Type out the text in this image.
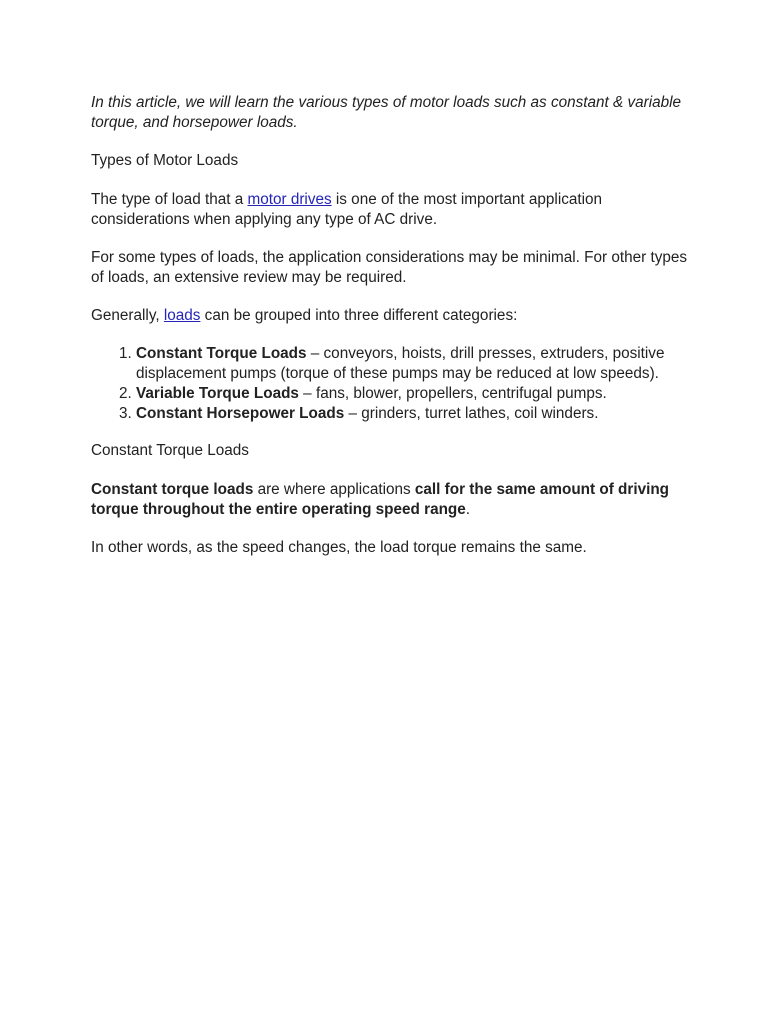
In this article, we will learn the various types of motor loads such as constant & variable torque, and horsepower loads.

Types of Motor Loads

The type of load that a motor drives is one of the most important application considerations when applying any type of AC drive.

For some types of loads, the application considerations may be minimal. For other types of loads, an extensive review may be required.

Generally, loads can be grouped into three different categories:

1. Constant Torque Loads – conveyors, hoists, drill presses, extruders, positive displacement pumps (torque of these pumps may be reduced at low speeds).
2. Variable Torque Loads – fans, blower, propellers, centrifugal pumps.
3. Constant Horsepower Loads – grinders, turret lathes, coil winders.

Constant Torque Loads

Constant torque loads are where applications call for the same amount of driving torque throughout the entire operating speed range.

In other words, as the speed changes, the load torque remains the same.
